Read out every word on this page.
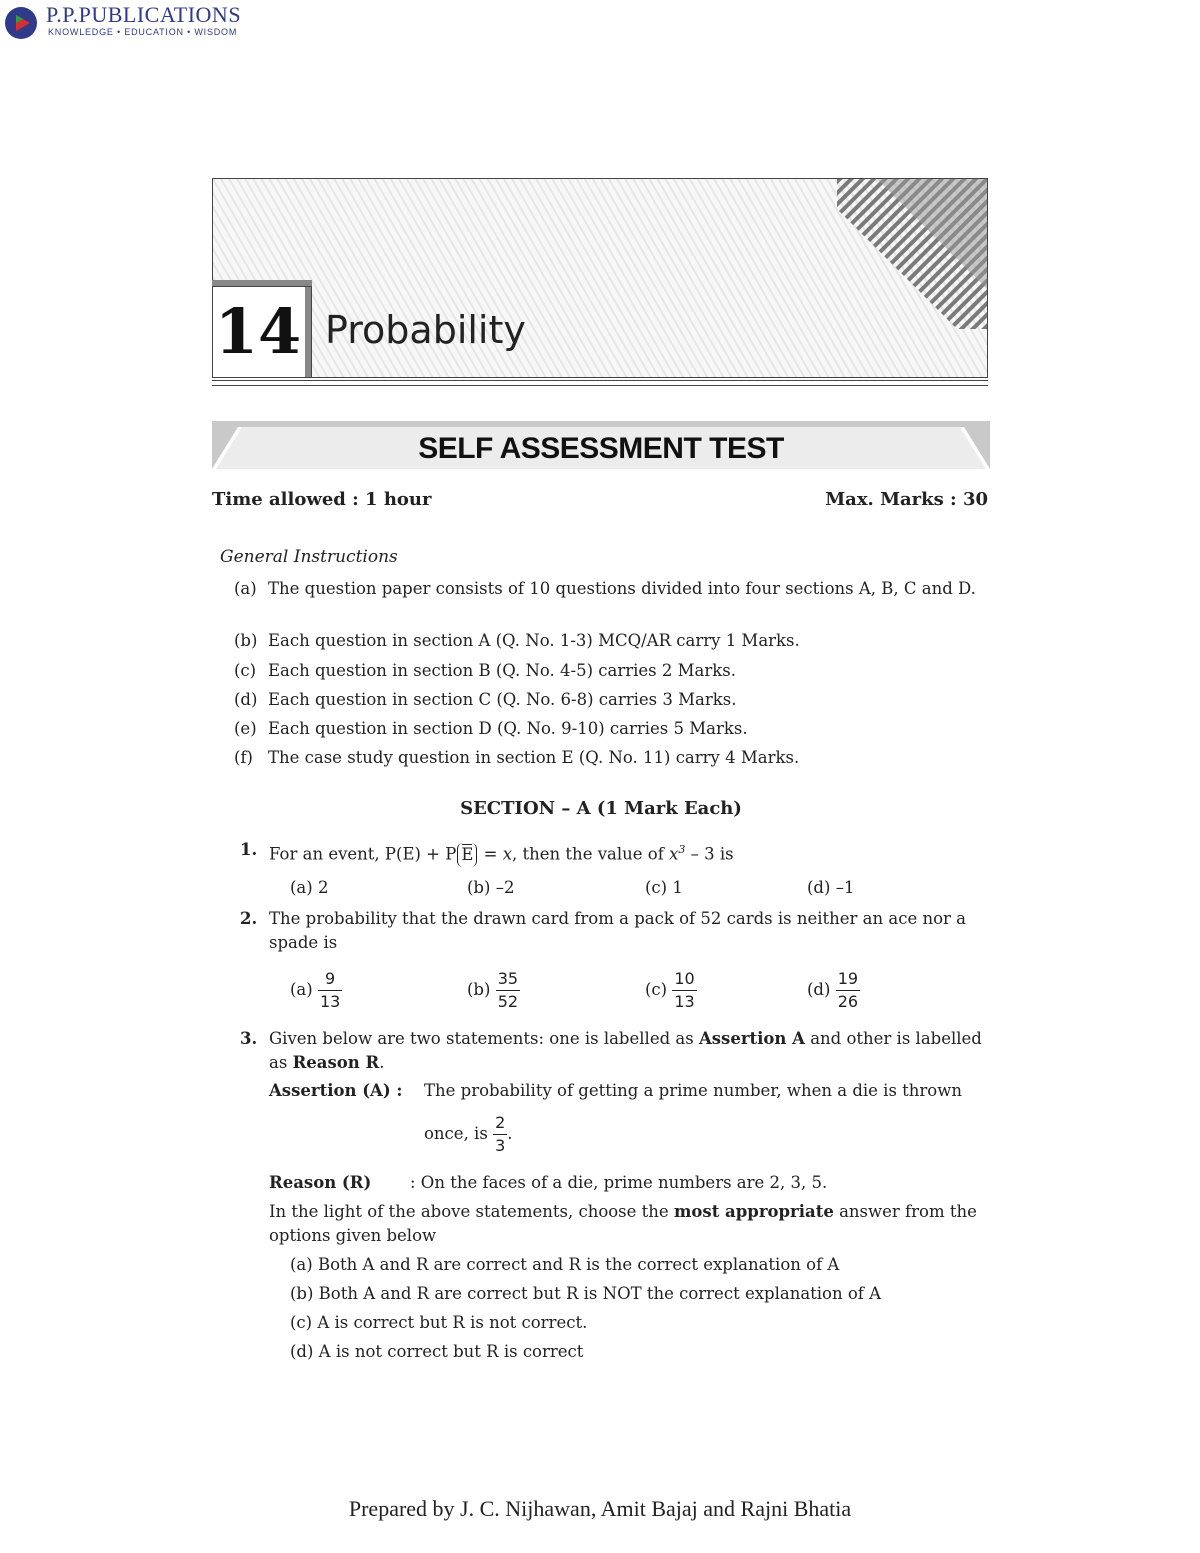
P.P.PUBLICATIONS
KNOWLEDGE • EDUCATION • WISDOM
14 Probability
SELF ASSESSMENT TEST
Time allowed : 1 hour	Max. Marks : 30
General Instructions
(a) The question paper consists of 10 questions divided into four sections A, B, C and D.
(b) Each question in section A (Q. No. 1-3) MCQ/AR carry 1 Marks.
(c) Each question in section B (Q. No. 4-5) carries 2 Marks.
(d) Each question in section C (Q. No. 6-8) carries 3 Marks.
(e) Each question in section D (Q. No. 9-10) carries 5 Marks.
(f) The case study question in section E (Q. No. 11) carry 4 Marks.
SECTION – A (1 Mark Each)
1. For an event, P(E) + P E = x, then the value of $x^3 - 3$ is
(a) 2	(b) –2	(c) 1	(d) –1
2. The probability that the drawn card from a pack of 52 cards is neither an ace nor a spade is
$(a) \frac{9}{13}$	$(b) \frac{35}{52}$	$(c) \frac{10}{13}$	$(d) \frac{19}{26}$
3. Given below are two statements: one is labelled as Assertion A and other is labelled as Reason R.
Assertion (A) : The probability of getting a prime number, when a die is thrown
once, is $\frac{2}{3}$ .
Reason (R) : On the faces of a die, prime numbers are 2, 3, 5.
In the light of the above statements, choose the most appropriate answer from the options given below
(a) Both A and R are correct and R is the correct explanation of A
(b) Both A and R are correct but R is NOT the correct explanation of A
(c) A is correct but R is not correct.
(d) A is not correct but R is correct
Prepared by J. C. Nijhawan, Amit Bajaj and Rajni Bhatia
